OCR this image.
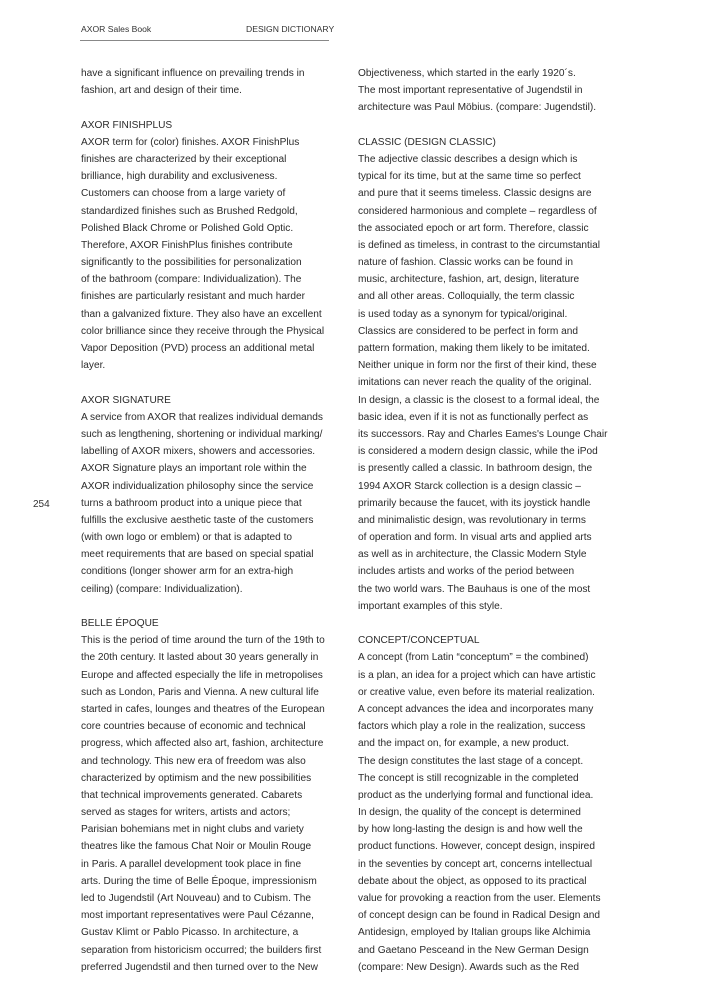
AXOR Sales Book	DESIGN DICTIONARY
254
have a significant influence on prevailing trends in
fashion, art and design of their time.
AXOR FINISHPLUS
AXOR term for (color) finishes. AXOR FinishPlus
finishes are characterized by their exceptional
brilliance, high durability and exclusiveness.
Customers can choose from a large variety of
standardized finishes such as Brushed Redgold,
Polished Black Chrome or Polished Gold Optic.
Therefore, AXOR FinishPlus finishes contribute
significantly to the possibilities for personalization
of the bathroom (compare: Individualization). The
finishes are particularly resistant and much harder
than a galvanized fixture. They also have an excellent
color brilliance since they receive through the Physical
Vapor Deposition (PVD) process an additional metal
layer.
AXOR SIGNATURE
A service from AXOR that realizes individual demands
such as lengthening, shortening or individual marking/
labelling of AXOR mixers, showers and accessories.
AXOR Signature plays an important role within the
AXOR individualization philosophy since the service
turns a bathroom product into a unique piece that
fulfills the exclusive aesthetic taste of the customers
(with own logo or emblem) or that is adapted to
meet requirements that are based on special spatial
conditions (longer shower arm for an extra-high
ceiling) (compare: Individualization).
BELLE ÉPOQUE
This is the period of time around the turn of the 19th to
the 20th century. It lasted about 30 years generally in
Europe and affected especially the life in metropolises
such as London, Paris and Vienna. A new cultural life
started in cafes, lounges and theatres of the European
core countries because of economic and technical
progress, which affected also art, fashion, architecture
and technology. This new era of freedom was also
characterized by optimism and the new possibilities
that technical improvements generated. Cabarets
served as stages for writers, artists and actors;
Parisian bohemians met in night clubs and variety
theatres like the famous Chat Noir or Moulin Rouge
in Paris. A parallel development took place in fine
arts. During the time of Belle Époque, impressionism
led to Jugendstil (Art Nouveau) and to Cubism. The
most important representatives were Paul Cézanne,
Gustav Klimt or Pablo Picasso. In architecture, a
separation from historicism occurred; the builders first
preferred Jugendstil and then turned over to the New
Objectiveness, which started in the early 1920´s.
The most important representative of Jugendstil in
architecture was Paul Möbius. (compare: Jugendstil).
CLASSIC (DESIGN CLASSIC)
The adjective classic describes a design which is
typical for its time, but at the same time so perfect
and pure that it seems timeless. Classic designs are
considered harmonious and complete – regardless of
the associated epoch or art form. Therefore, classic
is defined as timeless, in contrast to the circumstantial
nature of fashion. Classic works can be found in
music, architecture, fashion, art, design, literature
and all other areas. Colloquially, the term classic
is used today as a synonym for typical/original.
Classics are considered to be perfect in form and
pattern formation, making them likely to be imitated.
Neither unique in form nor the first of their kind, these
imitations can never reach the quality of the original.
In design, a classic is the closest to a formal ideal, the
basic idea, even if it is not as functionally perfect as
its successors. Ray and Charles Eames's Lounge Chair
is considered a modern design classic, while the iPod
is presently called a classic. In bathroom design, the
1994 AXOR Starck collection is a design classic –
primarily because the faucet, with its joystick handle
and minimalistic design, was revolutionary in terms
of operation and form. In visual arts and applied arts
as well as in architecture, the Classic Modern Style
includes artists and works of the period between
the two world wars. The Bauhaus is one of the most
important examples of this style.
CONCEPT/CONCEPTUAL
A concept (from Latin “conceptum” = the combined)
is a plan, an idea for a project which can have artistic
or creative value, even before its material realization.
A concept advances the idea and incorporates many
factors which play a role in the realization, success
and the impact on, for example, a new product.
The design constitutes the last stage of a concept.
The concept is still recognizable in the completed
product as the underlying formal and functional idea.
In design, the quality of the concept is determined
by how long-lasting the design is and how well the
product functions. However, concept design, inspired
in the seventies by concept art, concerns intellectual
debate about the object, as opposed to its practical
value for provoking a reaction from the user. Elements
of concept design can be found in Radical Design and
Antidesign, employed by Italian groups like Alchimia
and Gaetano Pesceand in the New German Design
(compare: New Design). Awards such as the Red
